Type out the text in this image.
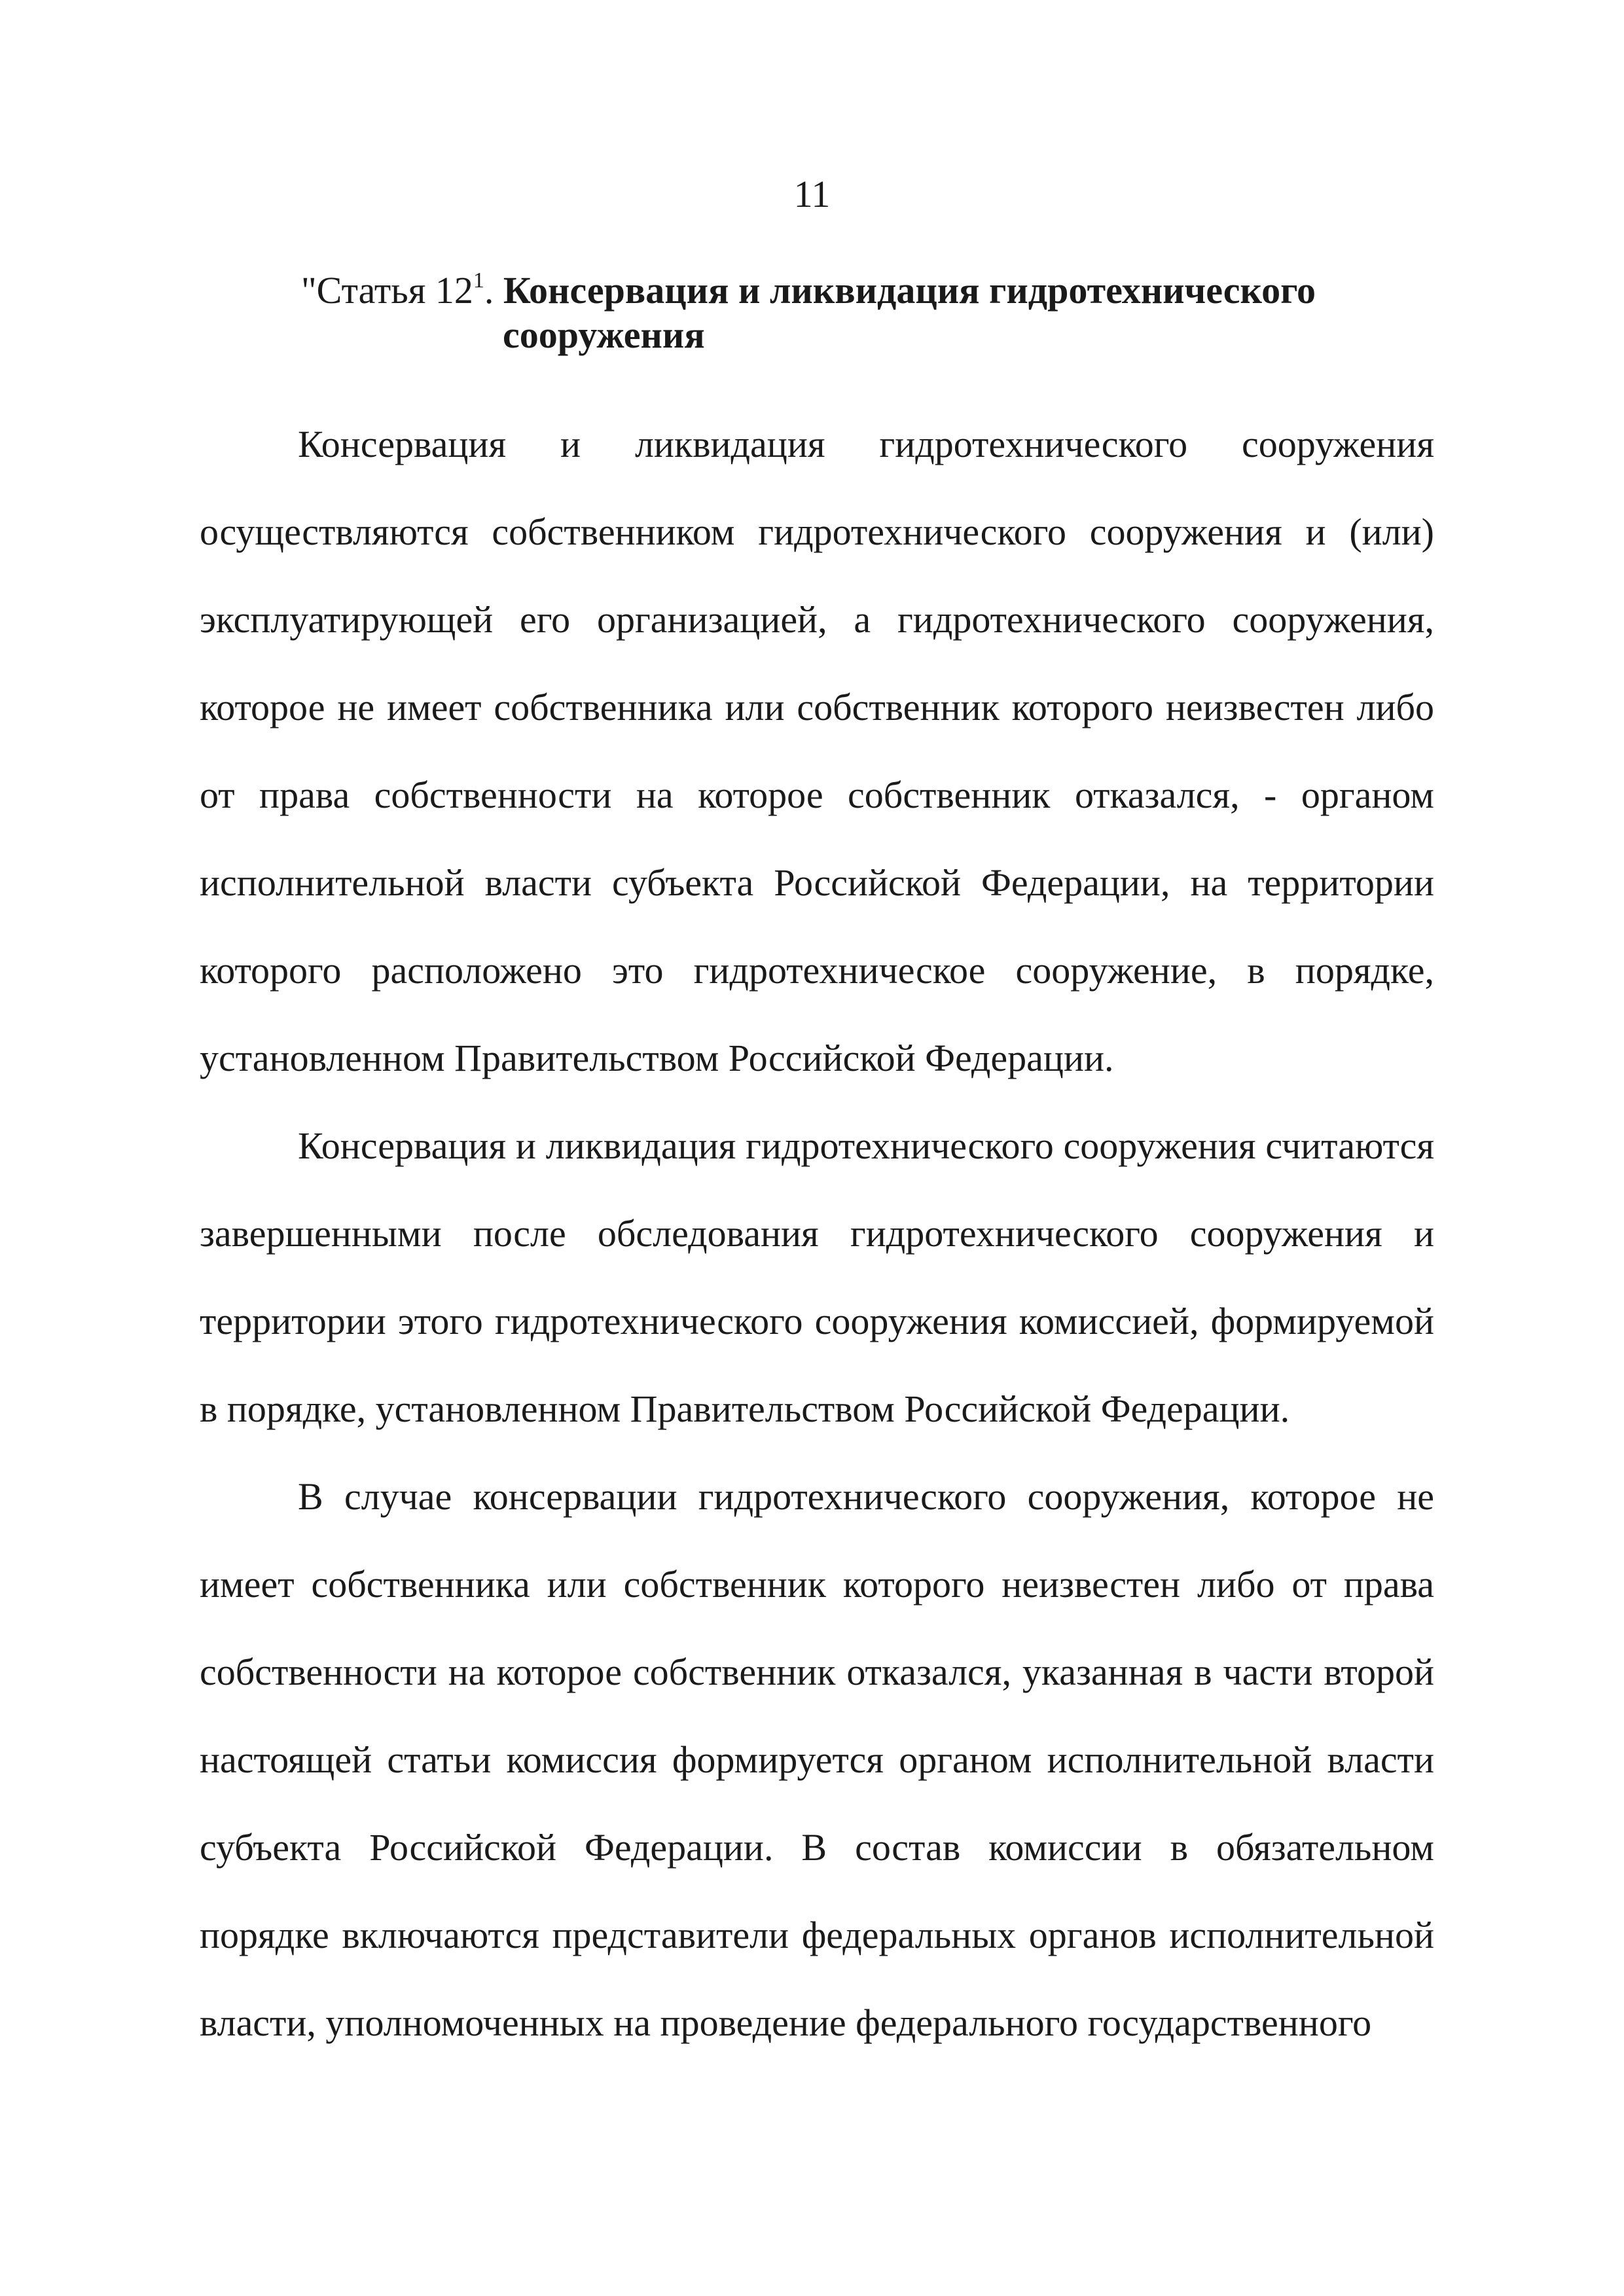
11
"Статья $12^1$. Консервация и ликвидация гидротехнического
сооружения

Консервация и ликвидация гидротехнического сооружения осуществляются собственником гидротехнического сооружения и (или) эксплуатирующей его организацией, а гидротехнического сооружения, которое не имеет собственника или собственник которого неизвестен либо от права собственности на которое собственник отказался, - органом исполнительной власти субъекта Российской Федерации, на территории которого расположено это гидротехническое сооружение, в порядке, установленном Правительством Российской Федерации.

Консервация и ликвидация гидротехнического сооружения считаются завершенными после обследования гидротехнического сооружения и территории этого гидротехнического сооружения комиссией, формируемой в порядке, установленном Правительством Российской Федерации.

В случае консервации гидротехнического сооружения, которое не имеет собственника или собственник которого неизвестен либо от права собственности на которое собственник отказался, указанная в части второй настоящей статьи комиссия формируется органом исполнительной власти субъекта Российской Федерации. В состав комиссии в обязательном порядке включаются представители федеральных органов исполнительной власти, уполномоченных на проведение федерального государственного
